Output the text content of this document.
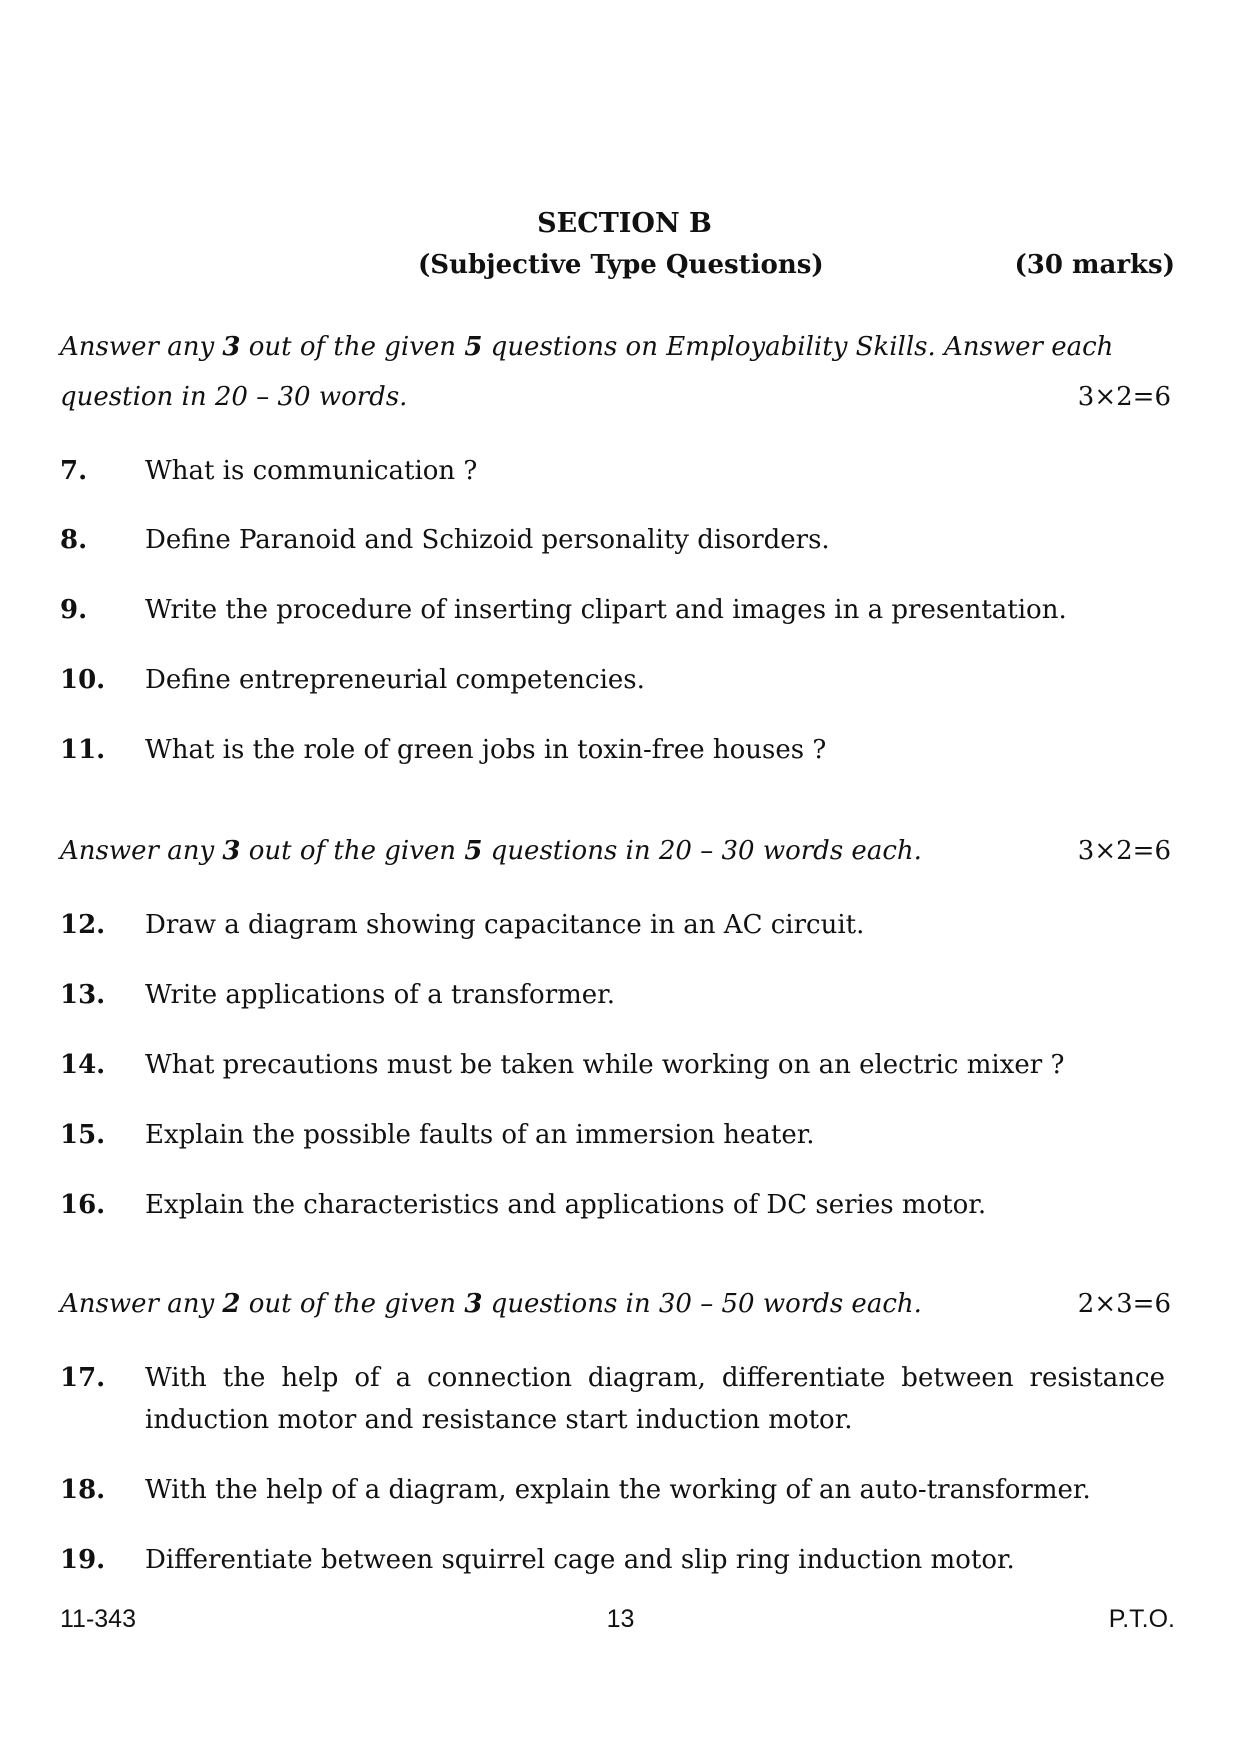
SECTION B
(Subjective Type Questions)	(30 marks)
Answer any 3 out of the given 5 questions on Employability Skills. Answer each question in 20 – 30 words.	3×2=6
7. What is communication ?
8. Define Paranoid and Schizoid personality disorders.
9. Write the procedure of inserting clipart and images in a presentation.
10. Define entrepreneurial competencies.
11. What is the role of green jobs in toxin-free houses ?
Answer any 3 out of the given 5 questions in 20 – 30 words each.	3×2=6
12. Draw a diagram showing capacitance in an AC circuit.
13. Write applications of a transformer.
14. What precautions must be taken while working on an electric mixer ?
15. Explain the possible faults of an immersion heater.
16. Explain the characteristics and applications of DC series motor.
Answer any 2 out of the given 3 questions in 30 – 50 words each.	2×3=6
17. With the help of a connection diagram, differentiate between resistance induction motor and resistance start induction motor.
18. With the help of a diagram, explain the working of an auto-transformer.
19. Differentiate between squirrel cage and slip ring induction motor.
11-343	13	P.T.O.
